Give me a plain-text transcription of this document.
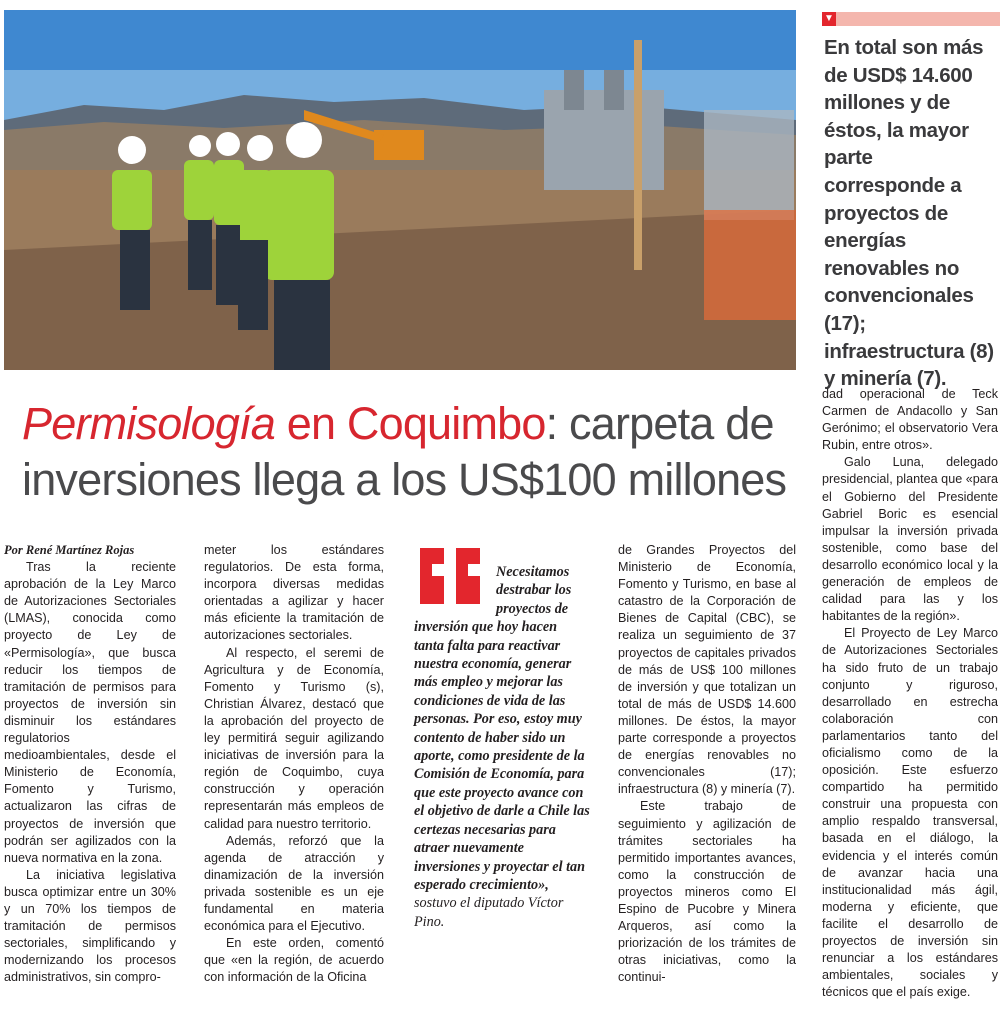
▼
En total son más de USD$ 14.600 millones y de éstos, la mayor parte corresponde a proyectos de energías renovables no convencionales (17); infraestructura (8) y minería (7).
Permisología en Coquimbo: carpeta de inversiones llega a los US$100 millones

Por René Martínez Rojas

Tras la reciente aprobación de la Ley Marco de Autorizaciones Sectoriales (LMAS), conocida como proyecto de Ley de «Permisología», que busca reducir los tiempos de tramitación de permisos para proyectos de inversión sin disminuir los estándares regulatorios medioambientales, desde el Ministerio de Economía, Fomento y Turismo, actualizaron las cifras de proyectos de inversión que podrán ser agilizados con la nueva normativa en la zona.

La iniciativa legislativa busca optimizar entre un 30% y un 70% los tiempos de tramitación de permisos sectoriales, simplificando y modernizando los procesos administrativos, sin compro-

meter los estándares regulatorios. De esta forma, incorpora diversas medidas orientadas a agilizar y hacer más eficiente la tramitación de autorizaciones sectoriales.

Al respecto, el seremi de Agricultura y de Economía, Fomento y Turismo (s), Christian Álvarez, destacó que la aprobación del proyecto de ley permitirá seguir agilizando iniciativas de inversión para la región de Coquimbo, cuya construcción y operación representarán más empleos de calidad para nuestro territorio.

Además, reforzó que la agenda de atracción y dinamización de la inversión privada sostenible es un eje fundamental en materia económica para el Ejecutivo.

En este orden, comentó que «en la región, de acuerdo con información de la Oficina

Necesitamos destrabar los proyectos de
inversión que hoy hacen tanta falta para reactivar nuestra economía, generar más empleo y mejorar las condiciones de vida de las personas. Por eso, estoy muy contento de haber sido un aporte, como presidente de la Comisión de Economía, para que este proyecto avance con el objetivo de darle a Chile las certezas necesarias para atraer nuevamente inversiones y proyectar el tan esperado crecimiento», sostuvo el diputado Víctor Pino.

de Grandes Proyectos del Ministerio de Economía, Fomento y Turismo, en base al catastro de la Corporación de Bienes de Capital (CBC), se realiza un seguimiento de 37 proyectos de capitales privados de más de US$ 100 millones de inversión y que totalizan un total de más de USD$ 14.600 millones. De éstos, la mayor parte corresponde a proyectos de energías renovables no convencionales (17); infraestructura (8) y minería (7).

Este trabajo de seguimiento y agilización de trámites sectoriales ha permitido importantes avances, como la construcción de proyectos mineros como El Espino de Pucobre y Minera Arqueros, así como la priorización de los trámites de otras iniciativas, como la continui-

dad operacional de Teck Carmen de Andacollo y San Gerónimo; el observatorio Vera Rubin, entre otros».

Galo Luna, delegado presidencial, plantea que «para el Gobierno del Presidente Gabriel Boric es esencial impulsar la inversión privada sostenible, como base del desarrollo económico local y la generación de empleos de calidad para las y los habitantes de la región».

El Proyecto de Ley Marco de Autorizaciones Sectoriales ha sido fruto de un trabajo conjunto y riguroso, desarrollado en estrecha colaboración con parlamentarios tanto del oficialismo como de la oposición. Este esfuerzo compartido ha permitido construir una propuesta con amplio respaldo transversal, basada en el diálogo, la evidencia y el interés común de avanzar hacia una institucionalidad más ágil, moderna y eficiente, que facilite el desarrollo de proyectos de inversión sin renunciar a los estándares ambientales, sociales y técnicos que el país exige.
